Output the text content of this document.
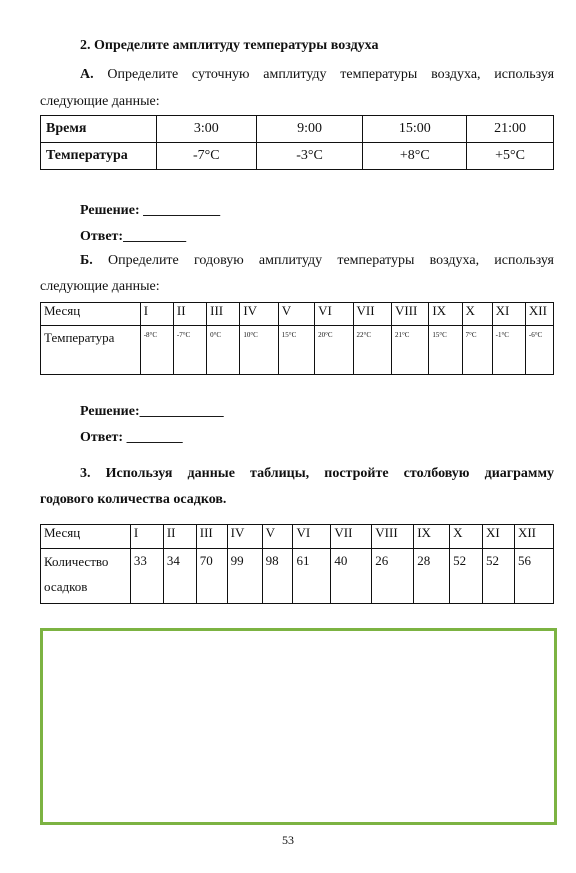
2. Определите амплитуду температуры воздуха
А. Определите суточную амплитуду температуры воздуха, используя
следующие данные:
Время	3:00	9:00	15:00	21:00
Температура	-7°C	-3°C	+8°C	+5°C
Решение: ___________
Ответ:_________
Б. Определите годовую амплитуду температуры воздуха, используя
следующие данные:
Месяц	I	II	III	IV	V	VI	VII	VIII	IX	X	XI	XII
Температура	-8°C	-7°C	0°C	10°C	15°C	20°C	22°C	21°C	15°C	7°C	-1°C	-6°C
Решение:____________
Ответ: ________
3. Используя данные таблицы, постройте столбовую диаграмму
годового количества осадков.
Месяц	I	II	III	IV	V	VI	VII	VIII	IX	X	XI	XII

Количество
осадков	33	34	70	99	98	61	40	26	28	52	52	56
53
